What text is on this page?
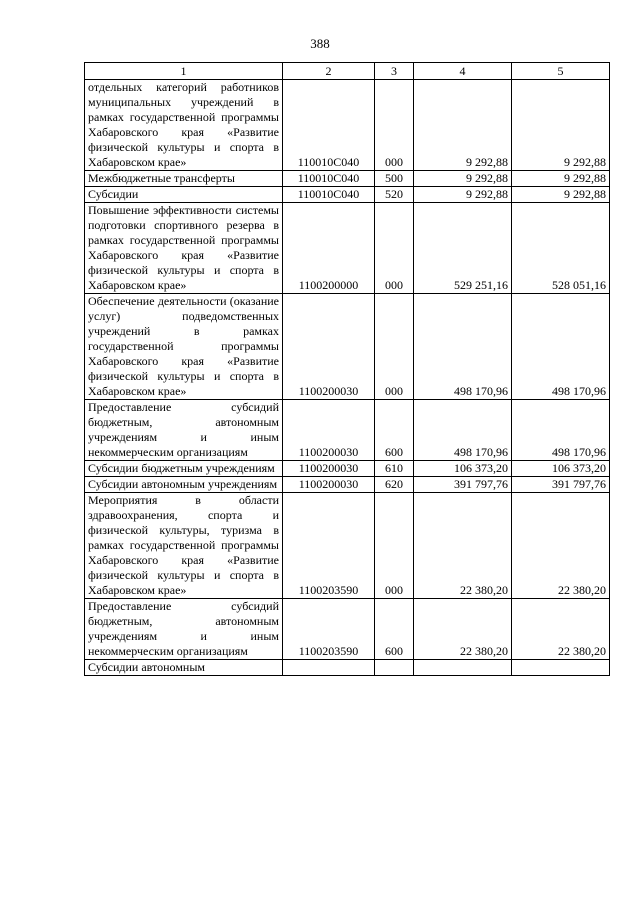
388
1	2	3	4	5
отдельных категорий работников муниципальных учреждений в рамках государственной программы Хабаровского края «Развитие физической культуры и спорта в Хабаровском крае»	110010С040	000	9 292,88	9 292,88
Межбюджетные трансферты	110010С040	500	9 292,88	9 292,88
Субсидии	110010С040	520	9 292,88	9 292,88
Повышение эффективности системы подготовки спортивного резерва в рамках государственной программы Хабаровского края «Развитие физической культуры и спорта в Хабаровском крае»	1100200000	000	529 251,16	528 051,16
Обеспечение деятельности (оказание услуг) подведомственных учреждений в рамках государственной программы Хабаровского края «Развитие физической культуры и спорта в Хабаровском крае»	1100200030	000	498 170,96	498 170,96
Предоставление субсидий бюджетным, автономным учреждениям и иным некоммерческим организациям	1100200030	600	498 170,96	498 170,96
Субсидии бюджетным учреждениям	1100200030	610	106 373,20	106 373,20
Субсидии автономным учреждениям	1100200030	620	391 797,76	391 797,76
Мероприятия в области здравоохранения, спорта и физической культуры, туризма в рамках государственной программы Хабаровского края «Развитие физической культуры и спорта в Хабаровском крае»	1100203590	000	22 380,20	22 380,20
Предоставление субсидий бюджетным, автономным учреждениям и иным некоммерческим организациям	1100203590	600	22 380,20	22 380,20
Субсидии автономным				
